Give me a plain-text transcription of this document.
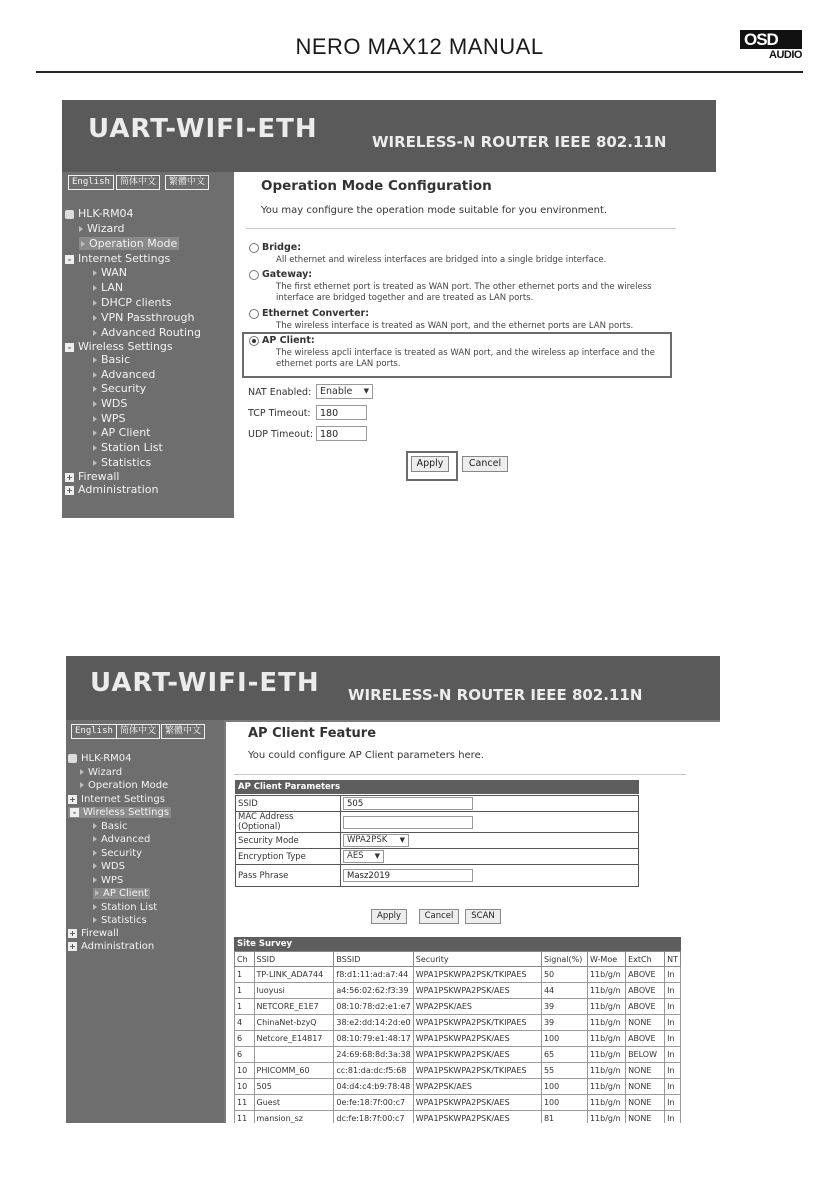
NERO MAX12 MANUAL	OSD
AUDIO
UART-WIFI-ETH	WIRELESS-N ROUTER IEEE 802.11N
English	简体中文	繁體中文
HLK-RM04
Wizard
Operation Mode
- Internet Settings
WAN
LAN
DHCP clients
VPN Passthrough
Advanced Routing
- Wireless Settings
Basic
Advanced
Security
WDS
WPS
AP Client
Station List
Statistics
+ Firewall
+ Administration
Operation Mode Configuration
You may configure the operation mode suitable for you environment.
Bridge:
All ethernet and wireless interfaces are bridged into a single bridge interface.
Gateway:
The first ethernet port is treated as WAN port. The other ethernet ports and the wireless
interface are bridged together and are treated as LAN ports.
Ethernet Converter:
The wireless interface is treated as WAN port, and the ethernet ports are LAN ports.
AP Client:
The wireless apcli interface is treated as WAN port, and the wireless ap interface and the
ethernet ports are LAN ports.
NAT Enabled: Enable ▼
TCP Timeout: 180
UDP Timeout: 180
Apply	Cancel
UART-WIFI-ETH WIRELESS-N ROUTER IEEE 802.11N
English 简体中文 繁體中文
HLK-RM04
Wizard
Operation Mode
+ Internet Settings
- Wireless Settings
Basic
Advanced
Security
WDS
WPS
AP Client
Station List
Statistics
+ Firewall
+ Administration
AP Client Feature
You could configure AP Client parameters here.
AP Client Parameters
SSID	505

MAC Address (Optional)	

Security Mode	WPA2PSK ▼

Encryption Type	AES ▼

Pass Phrase	Masz2019
Apply	Cancel	SCAN
Site Survey
Ch	SSID	BSSID	Security	Signal(%)	W-Moe	ExtCh	NT
1	TP-LINK_ADA744	f8:d1:11:ad:a7:44	WPA1PSKWPA2PSK/TKIPAES	50	11b/g/n	ABOVE	In
1	luoyusi	a4:56:02:62:f3:39	WPA1PSKWPA2PSK/AES	44	11b/g/n	ABOVE	In
1	NETCORE_E1E7	08:10:78:d2:e1:e7	WPA2PSK/AES	39	11b/g/n	ABOVE	In
4	ChinaNet-bzyQ	38:e2:dd:14:2d:e0	WPA1PSKWPA2PSK/TKIPAES	39	11b/g/n	NONE	In
6	Netcore_E14817	08:10:79:e1:48:17	WPA1PSKWPA2PSK/AES	100	11b/g/n	ABOVE	In
6		24:69:68:8d:3a:38	WPA1PSKWPA2PSK/AES	65	11b/g/n	BELOW	In
10	PHICOMM_60	cc:81:da:dc:f5:68	WPA1PSKWPA2PSK/TKIPAES	55	11b/g/n	NONE	In
10	505	04:d4:c4:b9:78:48	WPA2PSK/AES	100	11b/g/n	NONE	In
11	Guest	0e:fe:18:7f:00:c7	WPA1PSKWPA2PSK/AES	100	11b/g/n	NONE	In
11	mansion_sz	dc:fe:18:7f:00:c7	WPA1PSKWPA2PSK/AES	81	11b/g/n	NONE	In
